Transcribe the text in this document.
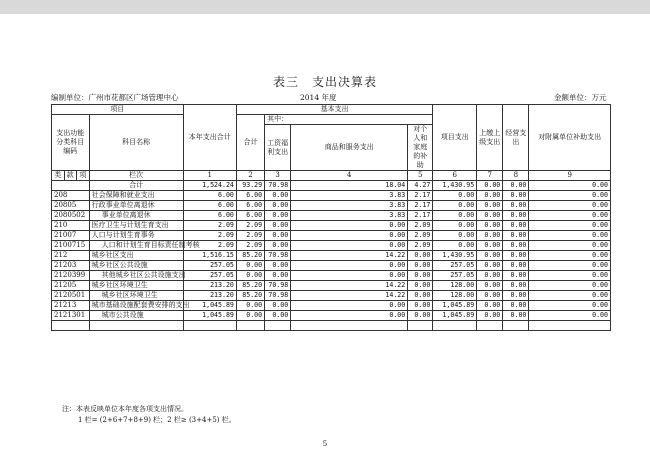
表三　支出决算表
编制单位：广州市花都区广场管理中心	2014 年度	金额单位：万元
项目				本年支出合计	基本支出				项目支出	上缴上级支出	经营支出	对附属单位补助支出
支出功能分类科目编码			科目名称		合计	其中：						
						工资福利支出	商品和服务支出	对个人和家庭的补助				

类	款	项	栏次	1	2	3	4	5	6	7	8	9
			合计	1,524.24	93.29	70.98	18.04	4.27	1,430.95	0.00	0.00	0.00
208			社会保障和就业支出	6.00	6.00	0.00	3.83	2.17	0.00	0.00	0.00	0.00
20805			行政事业单位离退休	6.00	6.00	0.00	3.83	2.17	0.00	0.00	0.00	0.00
2080502			事业单位离退休	6.00	6.00	0.00	3.83	2.17	0.00	0.00	0.00	0.00
210			医疗卫生与计划生育支出	2.09	2.09	0.00	0.00	2.09	0.00	0.00	0.00	0.00
21007			人口与计划生育事务	2.09	2.09	0.00	0.00	2.09	0.00	0.00	0.00	0.00
2100715			人口和计划生育目标责任制考核	2.09	2.09	0.00	0.00	2.09	0.00	0.00	0.00	0.00
212			城乡社区支出	1,516.15	85.20	70.98	14.22	0.00	1,430.95	0.00	0.00	0.00
21203			城乡社区公共设施	257.05	0.00	0.00	0.00	0.00	257.05	0.00	0.00	0.00
2120399			其他城乡社区公共设施支出	257.05	0.00	0.00	0.00	0.00	257.05	0.00	0.00	0.00
21205			城乡社区环境卫生	213.20	85.20	70.98	14.22	0.00	128.00	0.00	0.00	0.00
2120501			城乡社区环境卫生	213.20	85.20	70.98	14.22	0.00	128.00	0.00	0.00	0.00
21213			城市基础设施配套费安排的支出	1,045.89	0.00	0.00	0.00	0.00	1,045.89	0.00	0.00	0.00
2121301			城市公共设施	1,045.89	0.00	0.00	0.00	0.00	1,045.89	0.00	0.00	0.00

注：本表反映单位本年度各项支出情况。
1 栏= (2+6+7+8+9) 栏；2 栏≥ (3+4+5) 栏。
5
